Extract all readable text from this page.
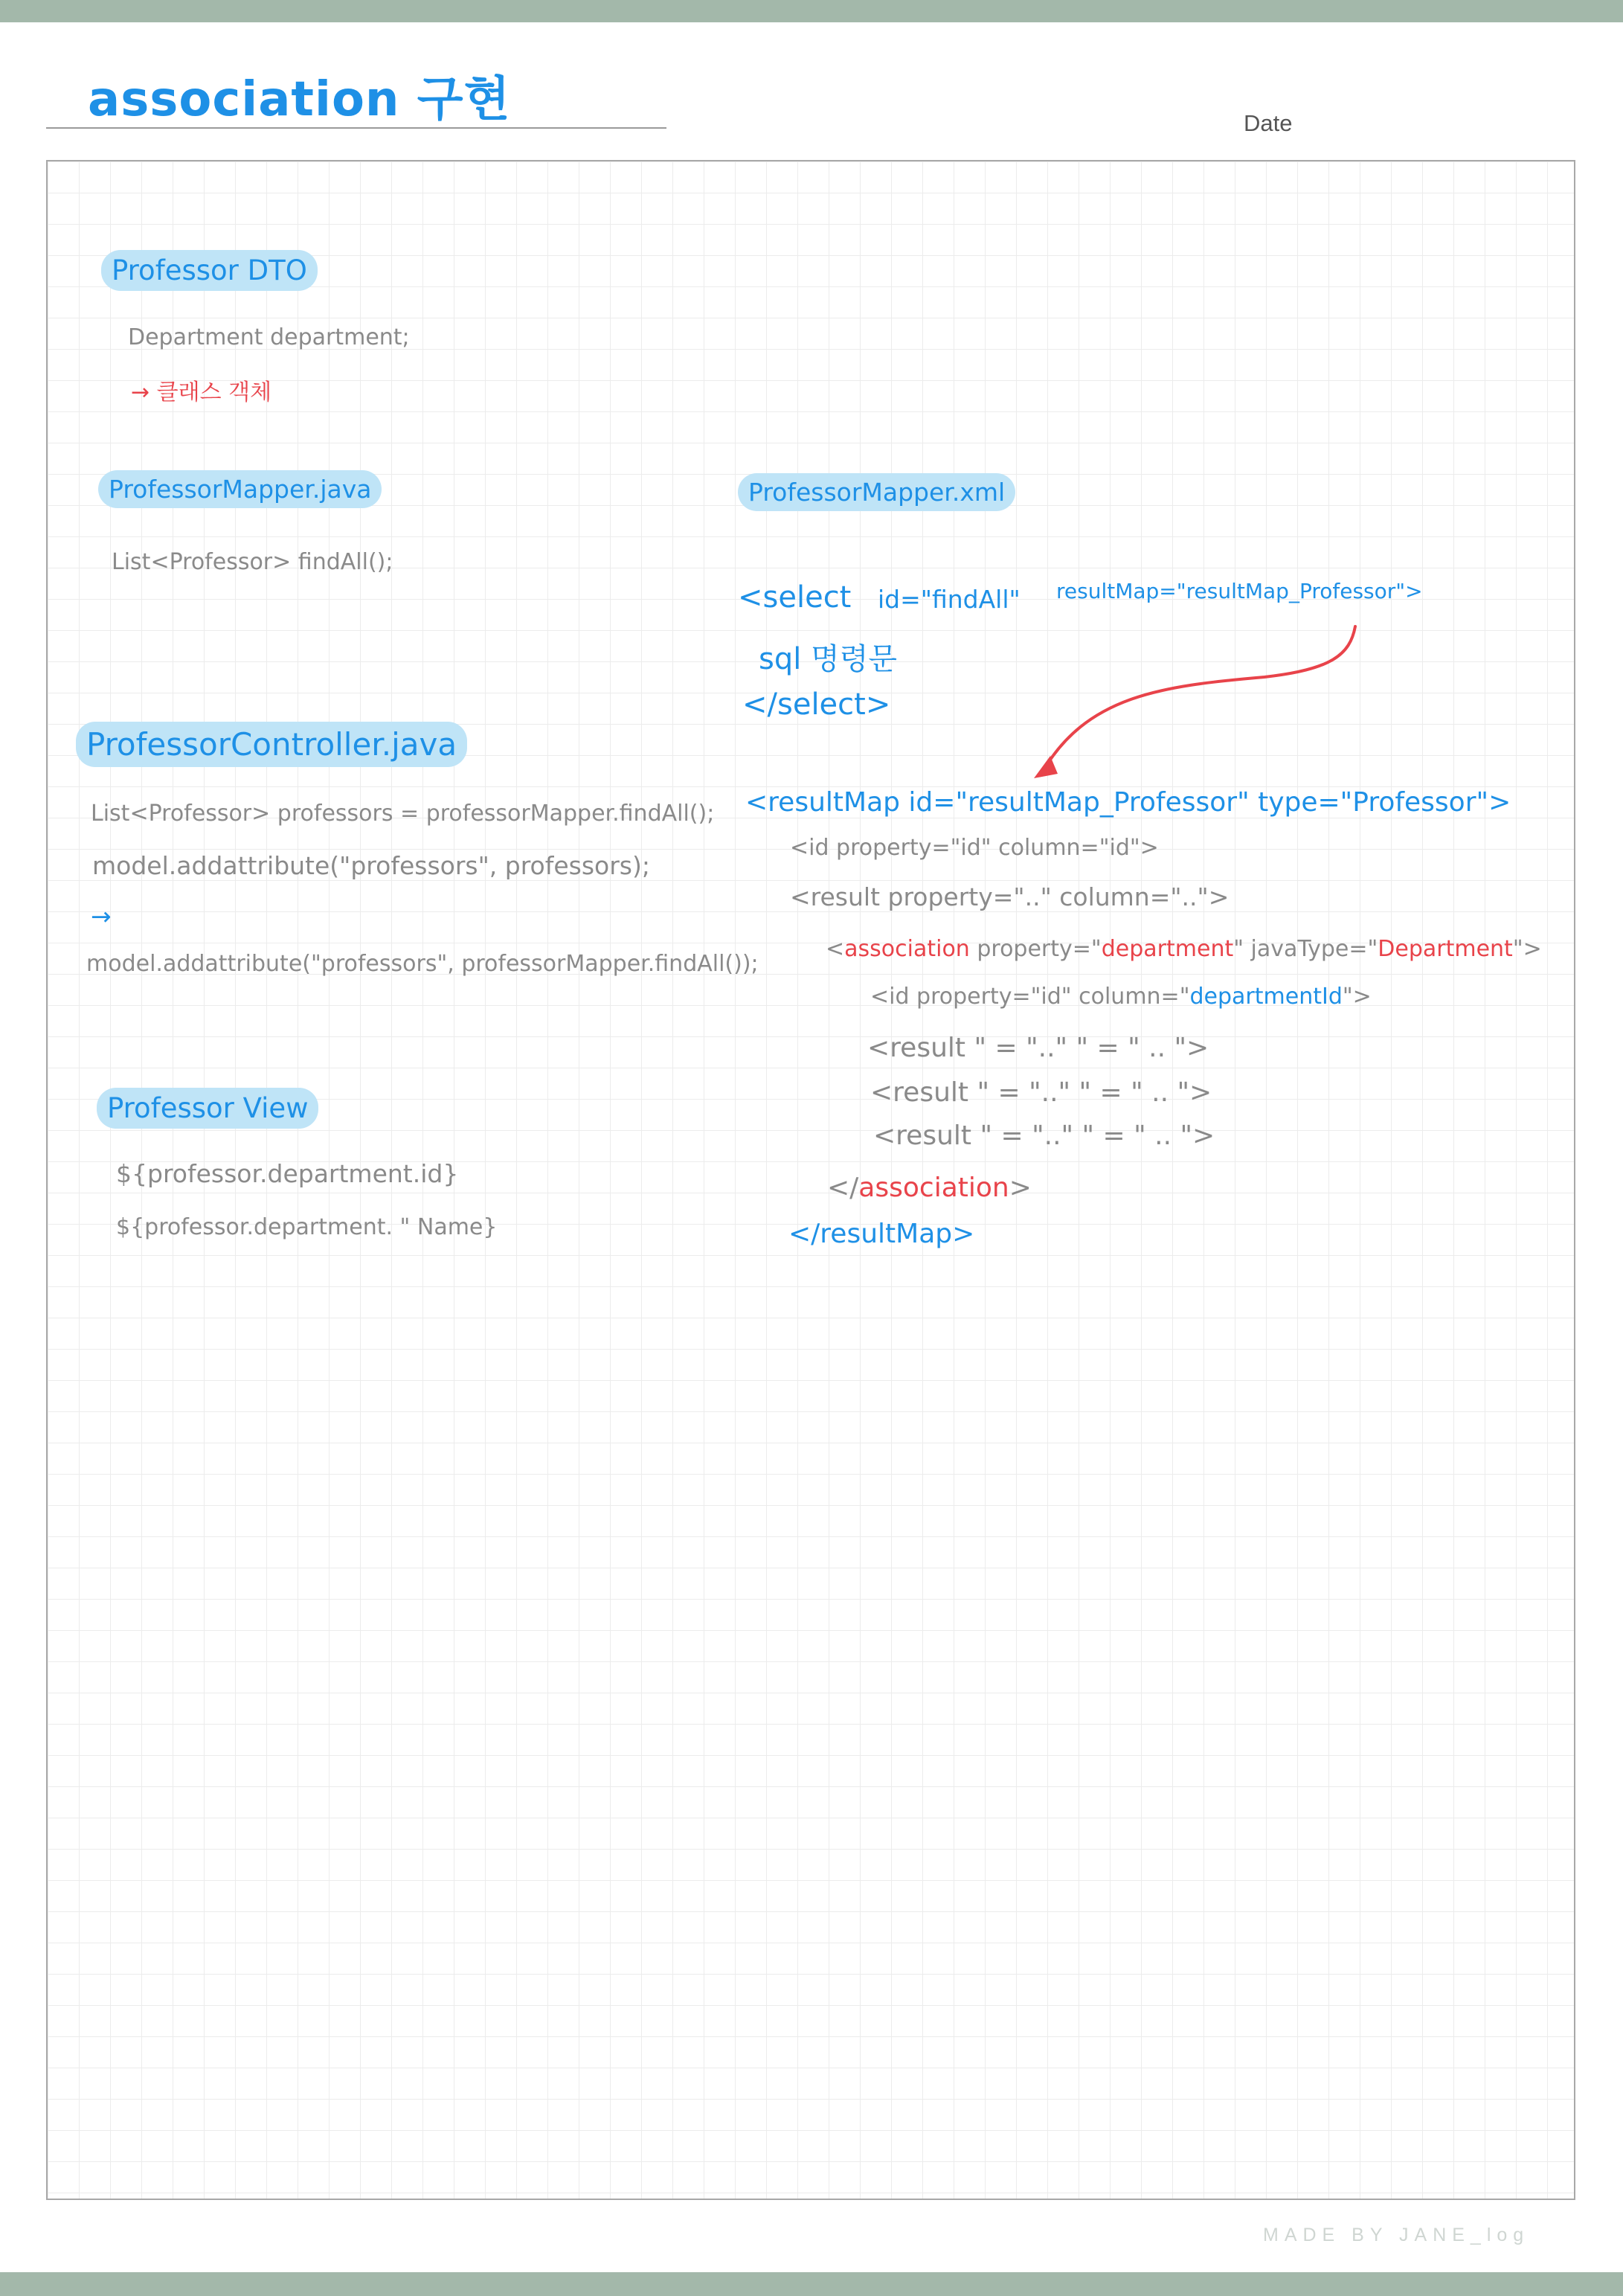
association 구현	Date
Professor DTO
Department department;
→ 클래스 객체
ProfessorMapper.java
List<Professor> findAll();
ProfessorController.java
List<Professor> professors = professorMapper.findAll();
model.addattribute("professors", professors);
→
model.addattribute("professors", professorMapper.findAll());
Professor View
${professor.department.id}
${professor.department. " Name}
ProfessorMapper.xml
<select id="findAll" resultMap="resultMap_Professor">
sql 명령문
</select>
<resultMap id="resultMap_Professor" type="Professor">
<id property="id" column="id">
<result property=".." column="..">
<association property="department" javaType="Department">
<id property="id" column="departmentId">
<result " = ".." " = " .. ">
<result " = ".." " = " .. ">
<result " = ".." " = " .. ">
</association>
</resultMap>
MADE BY JANE_log
